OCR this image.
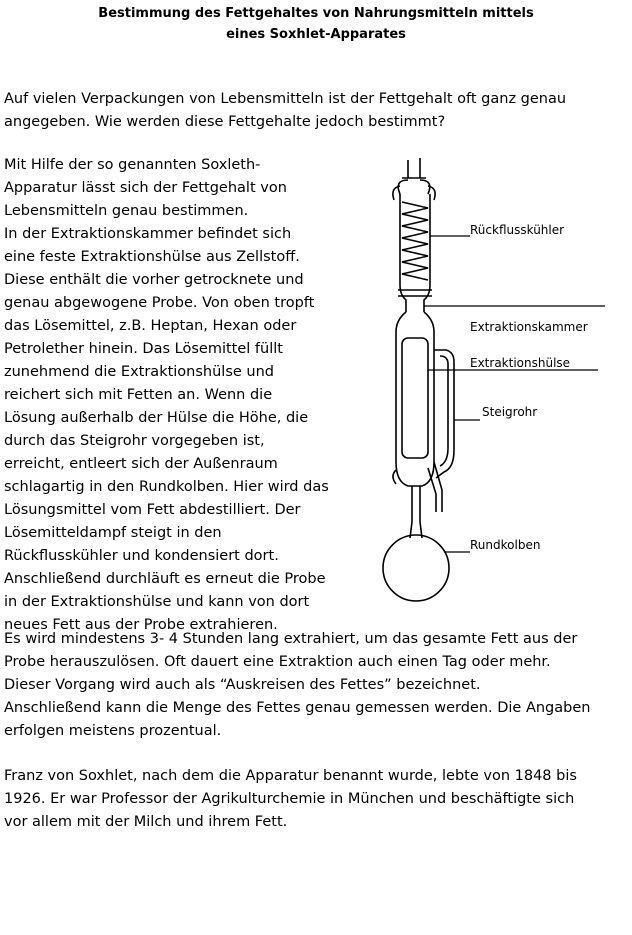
Bestimmung des Fettgehaltes von Nahrungsmitteln mittels
eines Soxhlet-Apparates
Auf vielen Verpackungen von Lebensmitteln ist der Fettgehalt oft ganz genau
angegeben. Wie werden diese Fettgehalte jedoch bestimmt?
Mit Hilfe der so genannten Soxleth-
Apparatur lässt sich der Fettgehalt von
Lebensmitteln genau bestimmen.
In der Extraktionskammer befindet sich
eine feste Extraktionshülse aus Zellstoff.
Diese enthält die vorher getrocknete und
genau abgewogene Probe. Von oben tropft
das Lösemittel, z.B. Heptan, Hexan oder
Petrolether hinein. Das Lösemittel füllt
zunehmend die Extraktionshülse und
reichert sich mit Fetten an. Wenn die
Lösung außerhalb der Hülse die Höhe, die
durch das Steigrohr vorgegeben ist,
erreicht, entleert sich der Außenraum
schlagartig in den Rundkolben. Hier wird das
Lösungsmittel vom Fett abdestilliert. Der
Lösemitteldampf steigt in den
Rückflusskühler und kondensiert dort.
Anschließend durchläuft es erneut die Probe
in der Extraktionshülse und kann von dort
neues Fett aus der Probe extrahieren.
Es wird mindestens 3- 4 Stunden lang extrahiert, um das gesamte Fett aus der
Probe herauszulösen. Oft dauert eine Extraktion auch einen Tag oder mehr.
Dieser Vorgang wird auch als “Auskreisen des Fettes” bezeichnet.
Anschließend kann die Menge des Fettes genau gemessen werden. Die Angaben
erfolgen meistens prozentual.
Franz von Soxhlet, nach dem die Apparatur benannt wurde, lebte von 1848 bis
1926. Er war Professor der Agrikulturchemie in München und beschäftigte sich
vor allem mit der Milch und ihrem Fett.
Rückflusskühler
Extraktionskammer
Extraktionshülse
Steigrohr
Rundkolben
